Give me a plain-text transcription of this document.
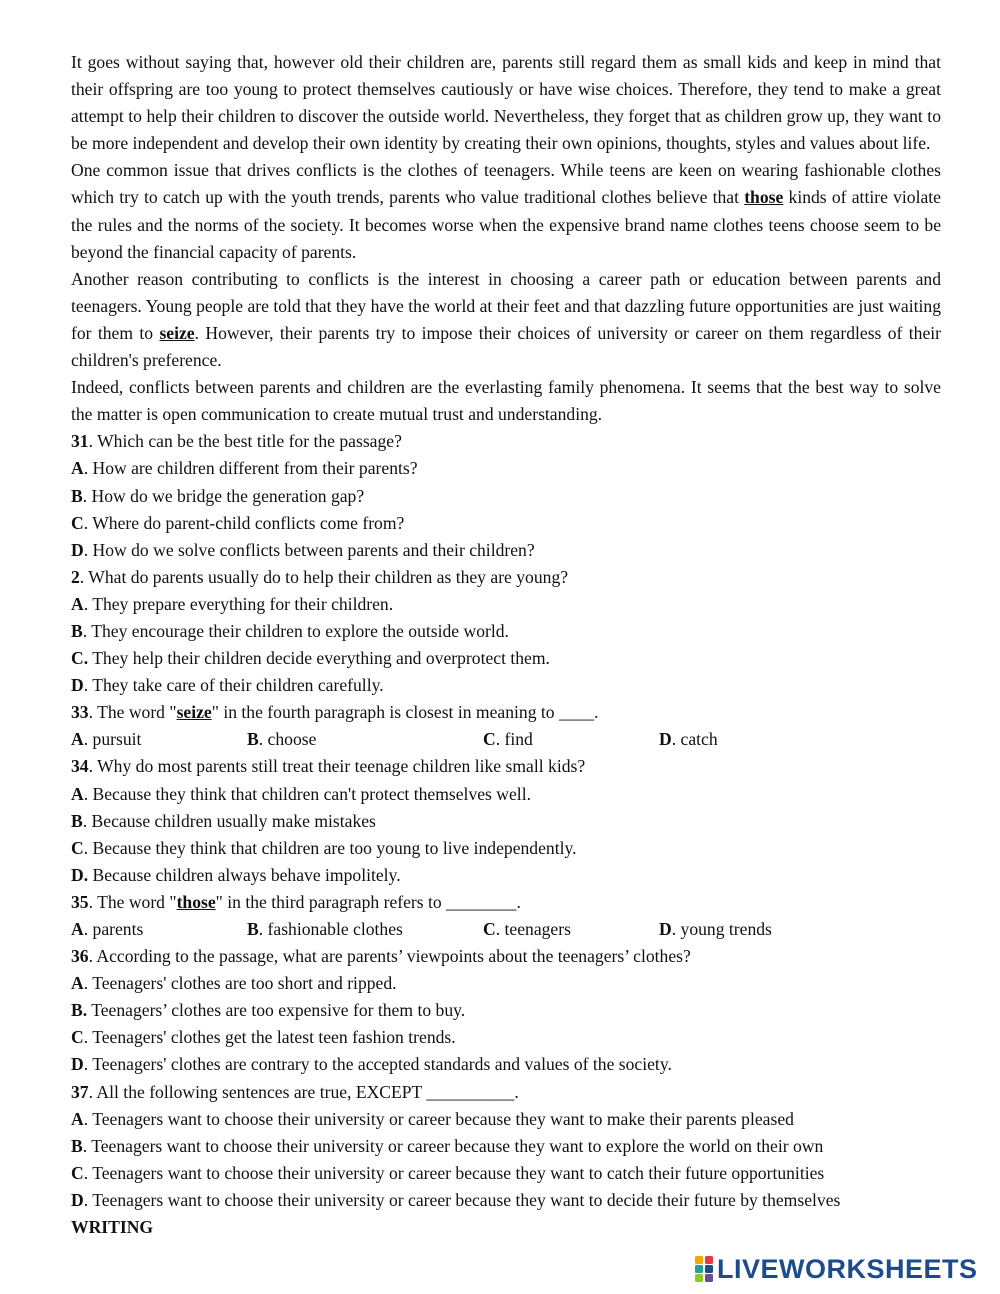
It goes without saying that, however old their children are, parents still regard them as small kids and keep in mind that their offspring are too young to protect themselves cautiously or have wise choices. Therefore, they tend to make a great attempt to help their children to discover the outside world. Nevertheless, they forget that as children grow up, they want to be more independent and develop their own identity by creating their own opinions, thoughts, styles and values about life.

One common issue that drives conflicts is the clothes of teenagers. While teens are keen on wearing fashionable clothes which try to catch up with the youth trends, parents who value traditional clothes believe that those kinds of attire violate the rules and the norms of the society. It becomes worse when the expensive brand name clothes teens choose seem to be beyond the financial capacity of parents.

Another reason contributing to conflicts is the interest in choosing a career path or education between parents and teenagers. Young people are told that they have the world at their feet and that dazzling future opportunities are just waiting for them to seize. However, their parents try to impose their choices of university or career on them regardless of their children's preference.

Indeed, conflicts between parents and children are the everlasting family phenomena. It seems that the best way to solve the matter is open communication to create mutual trust and understanding.

31. Which can be the best title for the passage?

A. How are children different from their parents?

B. How do we bridge the generation gap?

C. Where do parent-child conflicts come from?

D. How do we solve conflicts between parents and their children?

2. What do parents usually do to help their children as they are young?

A. They prepare everything for their children.

B. They encourage their children to explore the outside world.

C. They help their children decide everything and overprotect them.

D. They take care of their children carefully.

33. The word "seize" in the fourth paragraph is closest in meaning to ____.

A. pursuit	B. choose	C. find	D. catch

34. Why do most parents still treat their teenage children like small kids?

A. Because they think that children can't protect themselves well.

B. Because children usually make mistakes

C. Because they think that children are too young to live independently.

D. Because children always behave impolitely.

35. The word "those" in the third paragraph refers to ________.

A. parents	B. fashionable clothes	C. teenagers	D. young trends

36. According to the passage, what are parents’ viewpoints about the teenagers’ clothes?

A. Teenagers' clothes are too short and ripped.

B. Teenagers’ clothes are too expensive for them to buy.

C. Teenagers' clothes get the latest teen fashion trends.

D. Teenagers' clothes are contrary to the accepted standards and values of the society.

37. All the following sentences are true, EXCEPT __________.

A. Teenagers want to choose their university or career because they want to make their parents pleased

B. Teenagers want to choose their university or career because they want to explore the world on their own

C. Teenagers want to choose their university or career because they want to catch their future opportunities

D. Teenagers want to choose their university or career because they want to decide their future by themselves

WRITING

LIVEWORKSHEETS
